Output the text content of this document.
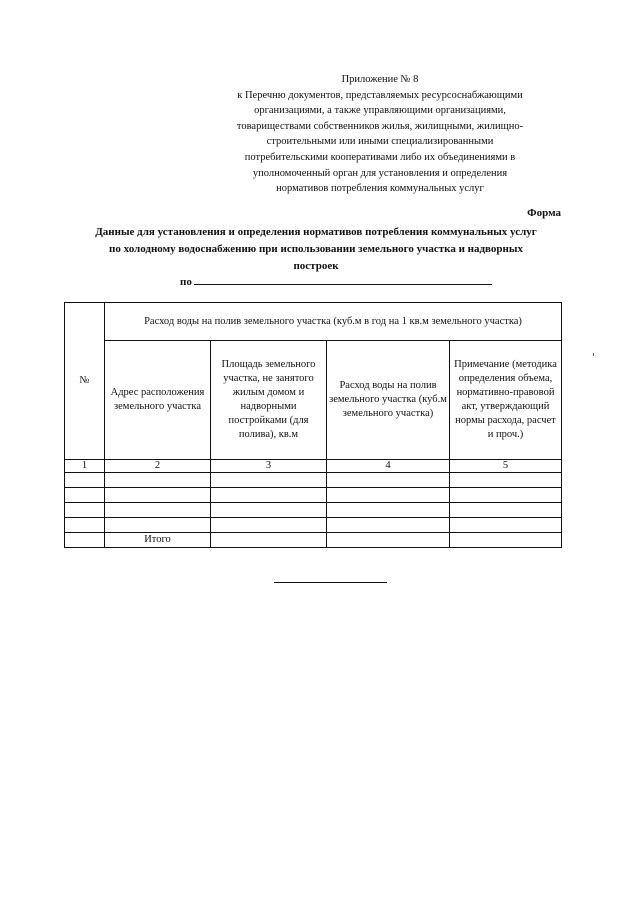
Приложение № 8
к Перечню документов, представляемых ресурсоснабжающими
организациями, а также управляющими организациями,
товариществами собственников жилья, жилищными, жилищно-
строительными или иными специализированными
потребительскими кооперативами либо их объединениями в
уполномоченный орган для установления и определения
нормативов потребления коммунальных услуг
Форма
Данные для установления и определения нормативов потребления коммунальных услуг
по холодному водоснабжению при использовании земельного участка и надворных
построек
по
№	Расход воды на полив земельного участка (куб.м в год на 1 кв.м земельного участка)			
	Адрес расположения земельного участка	Площадь земельного участка, не занятого жилым домом и надворными постройками (для полива), кв.м	Расход воды на полив земельного участка (куб.м земельного участка)	Примечание (методика определения объема, нормативно-правовой акт, утверждающий нормы расхода, расчет и проч.)
1	2	3	4	5

	Итого			
